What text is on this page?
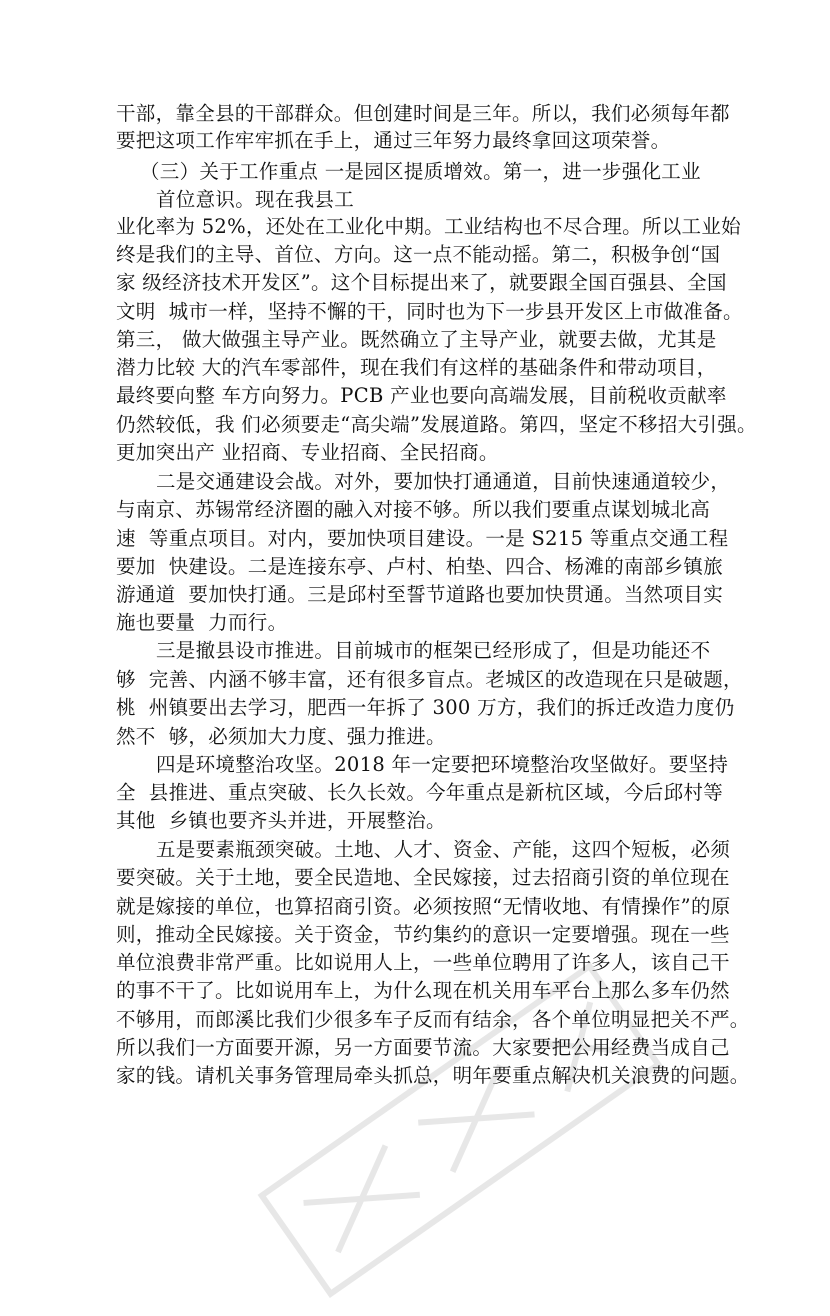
干部，靠全县的干部群众。但创建时间是三年。所以，我们必须每年都
要把这项工作牢牢抓在手上，通过三年努力最终拿回这项荣誉。
（三）关于工作重点 一是园区提质增效。第一，进一步强化工业
首位意识。现在我县工
业化率为 52%，还处在工业化中期。工业结构也不尽合理。所以工业始
终是我们的主导、首位、方向。这一点不能动摇。第二，积极争创“国
家 级经济技术开发区”。这个目标提出来了，就要跟全国百强县、全国
文明  城市一样，坚持不懈的干，同时也为下一步县开发区上市做准备。
第三， 做大做强主导产业。既然确立了主导产业，就要去做，尤其是
潜力比较 大的汽车零部件，现在我们有这样的基础条件和带动项目，
最终要向整 车方向努力。PCB 产业也要向高端发展，目前税收贡献率
仍然较低，我 们必须要走“高尖端”发展道路。第四，坚定不移招大引强。
更加突出产 业招商、专业招商、全民招商。
二是交通建设会战。对外，要加快打通通道，目前快速通道较少，
与南京、苏锡常经济圈的融入对接不够。所以我们要重点谋划城北高
速  等重点项目。对内，要加快项目建设。一是 S215 等重点交通工程
要加  快建设。二是连接东亭、卢村、柏垫、四合、杨滩的南部乡镇旅
游通道  要加快打通。三是邱村至誓节道路也要加快贯通。当然项目实
施也要量  力而行。
三是撤县设市推进。目前城市的框架已经形成了，但是功能还不
够  完善、内涵不够丰富，还有很多盲点。老城区的改造现在只是破题，
桃  州镇要出去学习，肥西一年拆了 300 万方，我们的拆迁改造力度仍
然不  够，必须加大力度、强力推进。
四是环境整治攻坚。2018 年一定要把环境整治攻坚做好。要坚持
全  县推进、重点突破、长久长效。今年重点是新杭区域，今后邱村等
其他  乡镇也要齐头并进，开展整治。
五是要素瓶颈突破。土地、人才、资金、产能，这四个短板，必须
要突破。关于土地，要全民造地、全民嫁接，过去招商引资的单位现在
就是嫁接的单位，也算招商引资。必须按照“无情收地、有情操作”的原
则，推动全民嫁接。关于资金，节约集约的意识一定要增强。现在一些
单位浪费非常严重。比如说用人上，一些单位聘用了许多人，该自己干
的事不干了。比如说用车上，为什么现在机关用车平台上那么多车仍然
不够用，而郎溪比我们少很多车子反而有结余，各个单位明显把关不严。
所以我们一方面要开源，另一方面要节流。大家要把公用经费当成自己
家的钱。请机关事务管理局牵头抓总，明年要重点解决机关浪费的问题。
